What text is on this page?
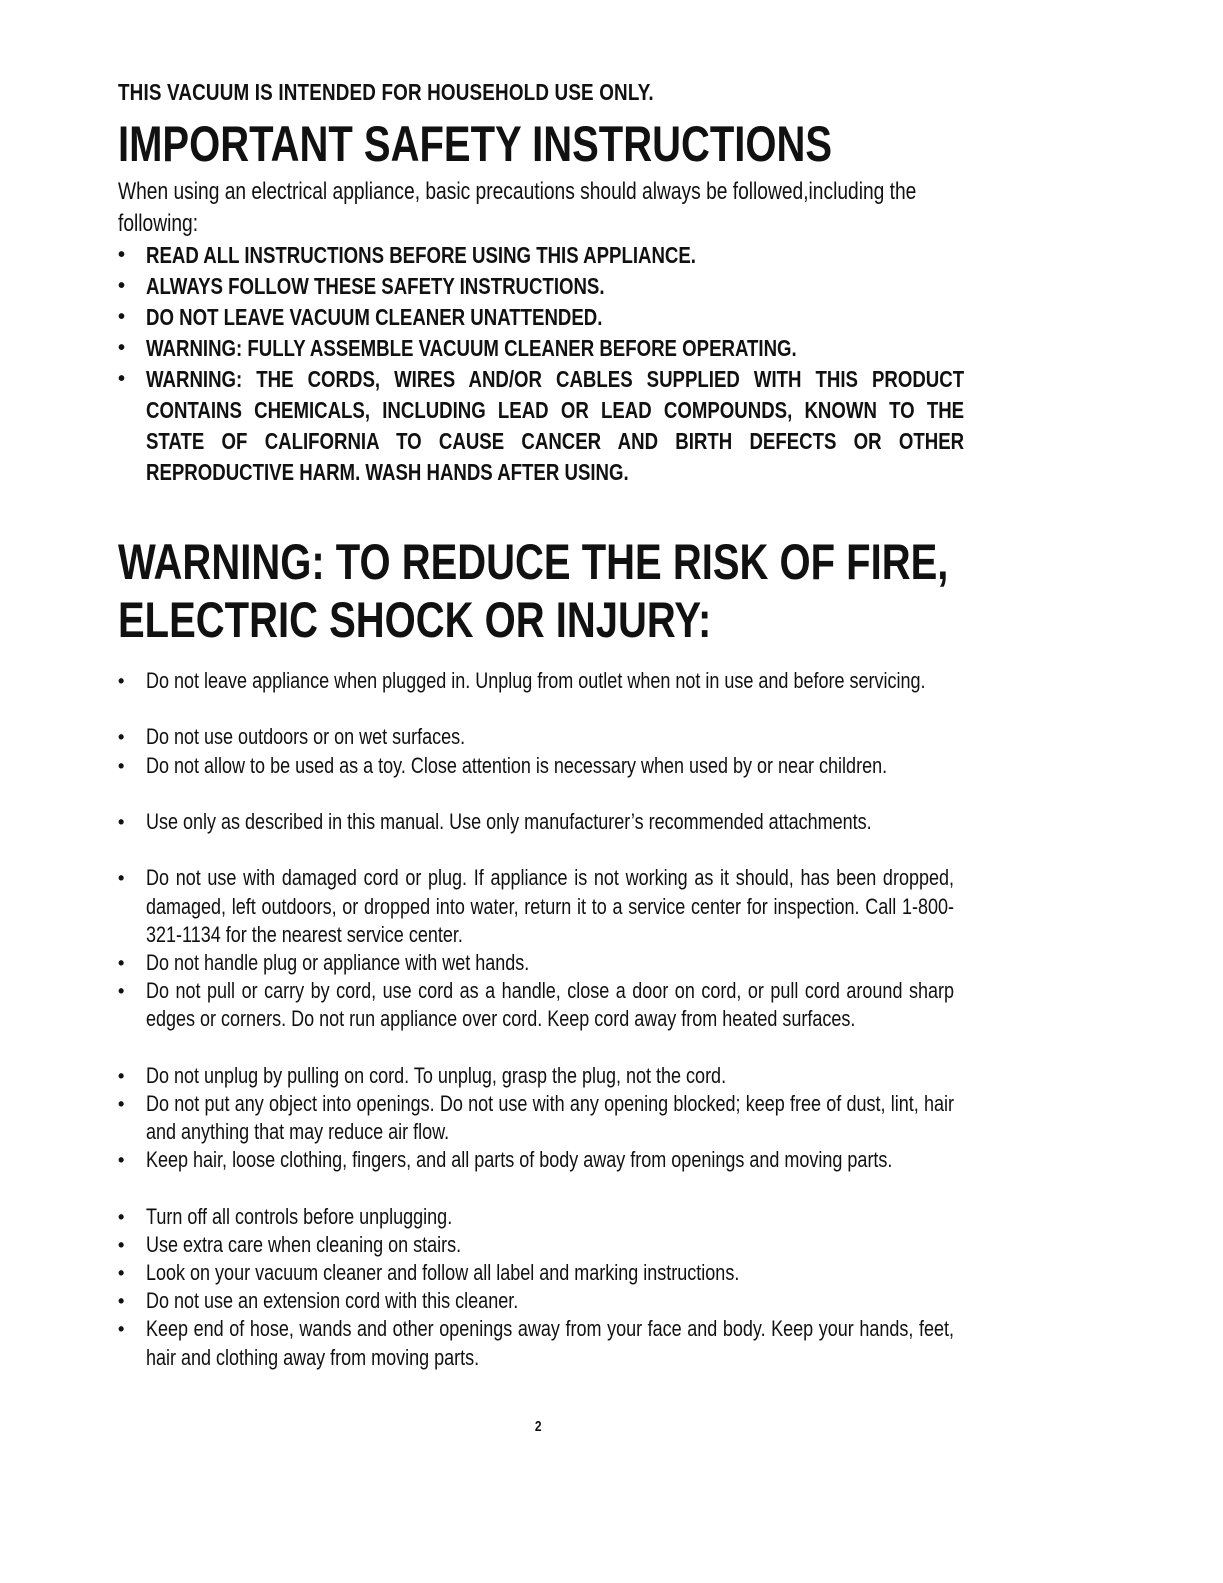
THIS VACUUM IS INTENDED FOR HOUSEHOLD USE ONLY.
IMPORTANT SAFETY INSTRUCTIONS
When using an electrical appliance, basic precautions should always be followed,including the following:
• READ ALL INSTRUCTIONS BEFORE USING THIS APPLIANCE.
• ALWAYS FOLLOW THESE SAFETY INSTRUCTIONS.
• DO NOT LEAVE VACUUM CLEANER UNATTENDED.
• WARNING: FULLY ASSEMBLE VACUUM CLEANER BEFORE OPERATING.
• WARNING: THE CORDS, WIRES AND/OR CABLES SUPPLIED WITH THIS PRODUCT CONTAINS CHEMICALS, INCLUDING LEAD OR LEAD COMPOUNDS, KNOWN TO THE STATE OF CALIFORNIA TO CAUSE CANCER AND BIRTH DEFECTS OR OTHER REPRODUCTIVE HARM. WASH HANDS AFTER USING.
WARNING: TO REDUCE THE RISK OF FIRE,
ELECTRIC SHOCK OR INJURY:
• Do not leave appliance when plugged in. Unplug from outlet when not in use and before servicing.
• Do not use outdoors or on wet surfaces.
• Do not allow to be used as a toy. Close attention is necessary when used by or near children.
• Use only as described in this manual. Use only manufacturer’s recommended attachments.
• Do not use with damaged cord or plug. If appliance is not working as it should, has been dropped, damaged, left outdoors, or dropped into water, return it to a service center for inspection. Call 1-800-321-1134 for the nearest service center.
• Do not handle plug or appliance with wet hands.
• Do not pull or carry by cord, use cord as a handle, close a door on cord, or pull cord around sharp edges or corners. Do not run appliance over cord. Keep cord away from heated surfaces.
• Do not unplug by pulling on cord. To unplug, grasp the plug, not the cord.
• Do not put any object into openings. Do not use with any opening blocked; keep free of dust, lint, hair and anything that may reduce air flow.
• Keep hair, loose clothing, fingers, and all parts of body away from openings and moving parts.
• Turn off all controls before unplugging.
• Use extra care when cleaning on stairs.
• Look on your vacuum cleaner and follow all label and marking instructions.
• Do not use an extension cord with this cleaner.
• Keep end of hose, wands and other openings away from your face and body. Keep your hands, feet, hair and clothing away from moving parts.
2
